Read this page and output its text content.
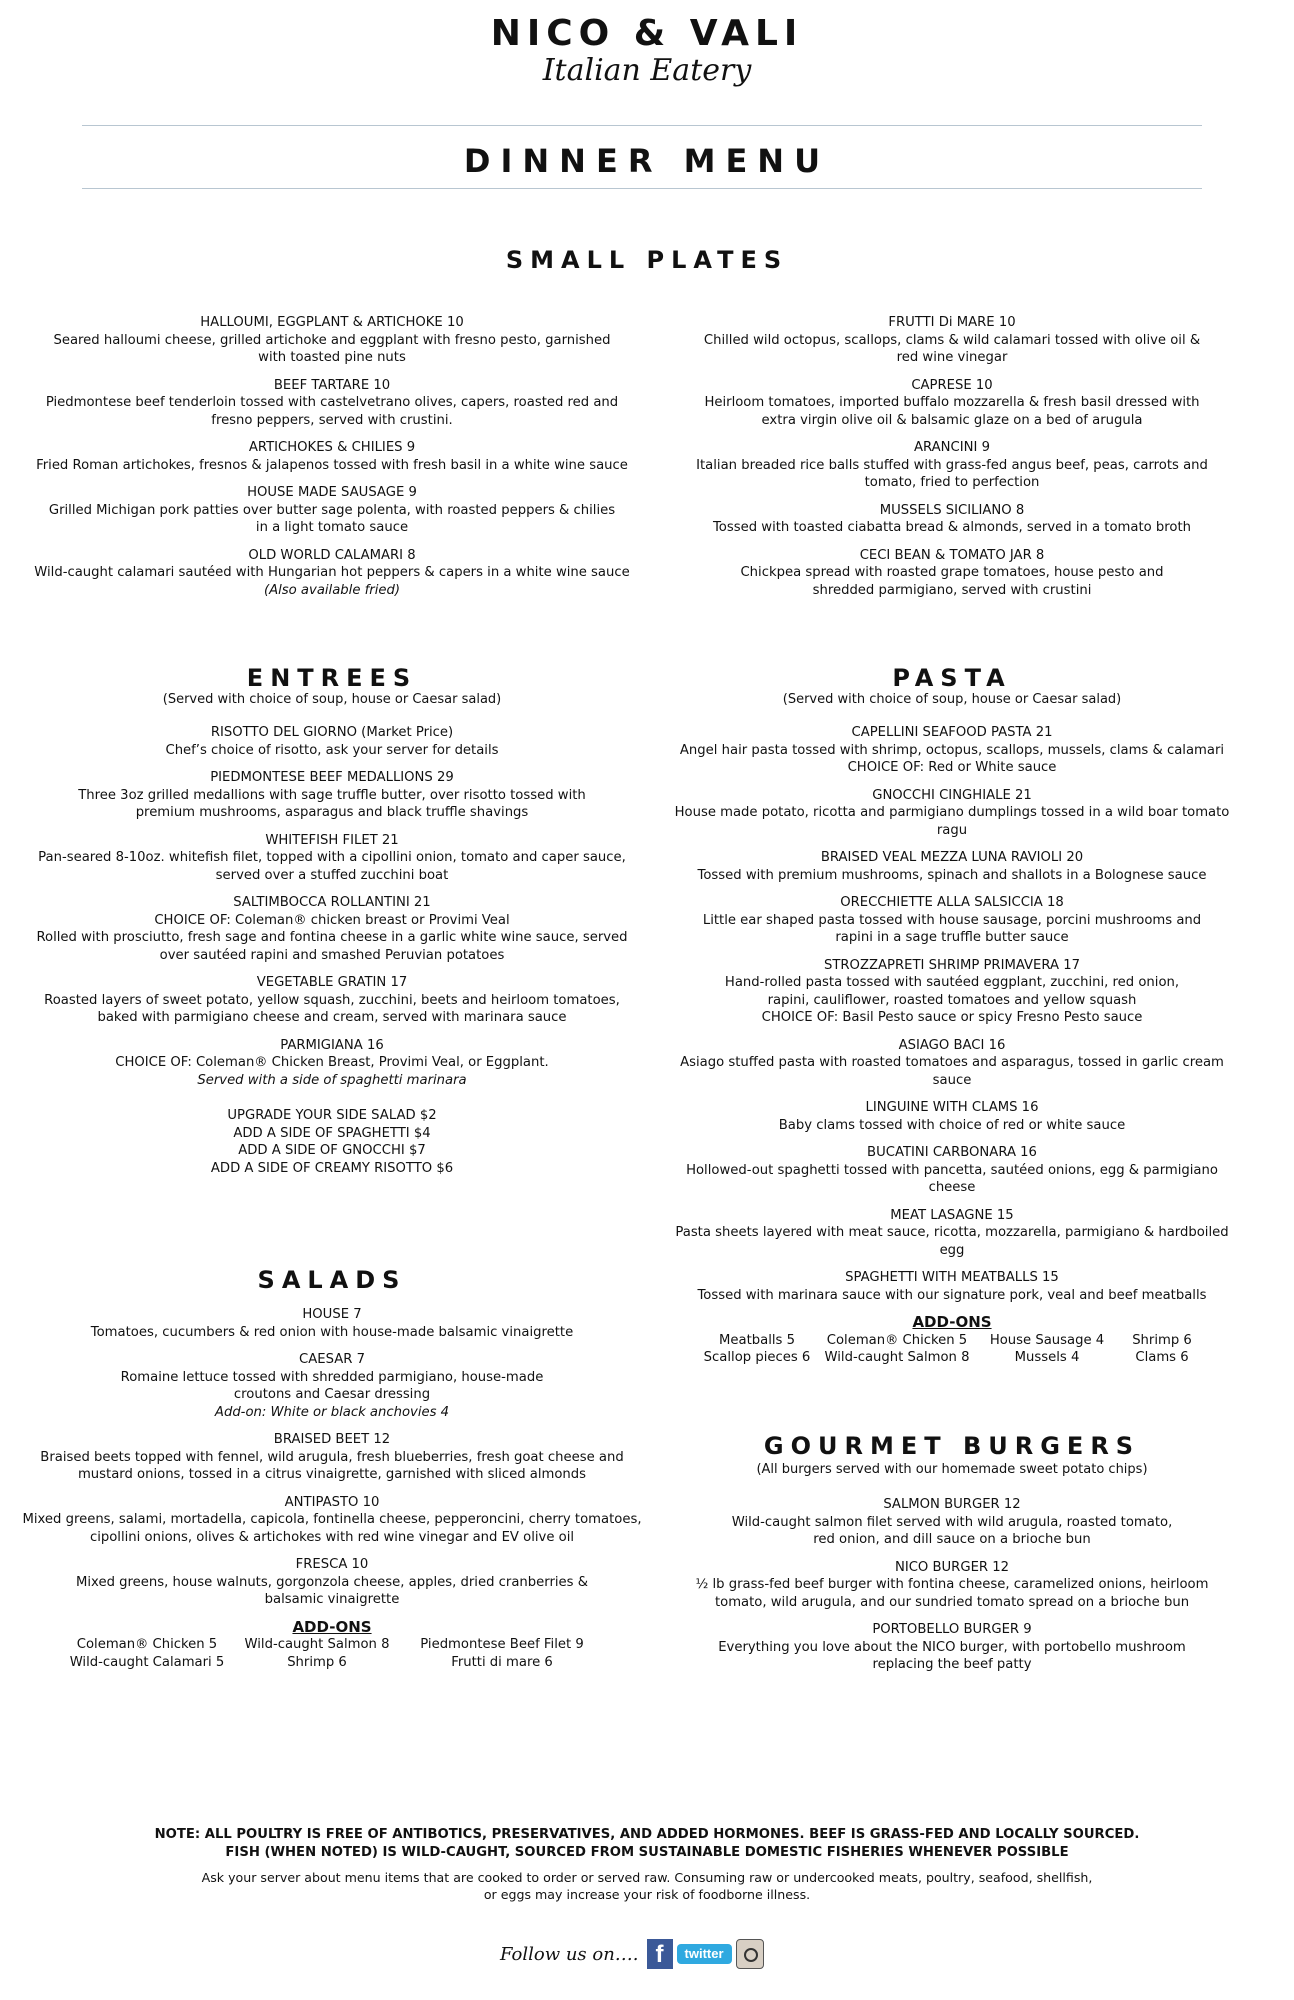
NICO & VALI
Italian Eatery
DINNER MENU
SMALL PLATES
HALLOUMI, EGGPLANT & ARTICHOKE 10
Seared halloumi cheese, grilled artichoke and eggplant with fresno pesto, garnished with toasted pine nuts
BEEF TARTARE 10
Piedmontese beef tenderloin tossed with castelvetrano olives, capers, roasted red and fresno peppers, served with crustini.
ARTICHOKES & CHILIES 9
Fried Roman artichokes, fresnos & jalapenos tossed with fresh basil in a white wine sauce
HOUSE MADE SAUSAGE 9
Grilled Michigan pork patties over butter sage polenta, with roasted peppers & chilies in a light tomato sauce
OLD WORLD CALAMARI 8
Wild-caught calamari sautéed with Hungarian hot peppers & capers in a white wine sauce
(Also available fried)
FRUTTI Di MARE 10
Chilled wild octopus, scallops, clams & wild calamari tossed with olive oil & red wine vinegar
CAPRESE 10
Heirloom tomatoes, imported buffalo mozzarella & fresh basil dressed with extra virgin olive oil & balsamic glaze on a bed of arugula
ARANCINI 9
Italian breaded rice balls stuffed with grass-fed angus beef, peas, carrots and tomato, fried to perfection
MUSSELS SICILIANO 8
Tossed with toasted ciabatta bread & almonds, served in a tomato broth
CECI BEAN & TOMATO JAR 8
Chickpea spread with roasted grape tomatoes, house pesto and shredded parmigiano, served with crustini
ENTREES
(Served with choice of soup, house or Caesar salad)
RISOTTO DEL GIORNO (Market Price)
Chef’s choice of risotto, ask your server for details
PIEDMONTESE BEEF MEDALLIONS 29
Three 3oz grilled medallions with sage truffle butter, over risotto tossed with premium mushrooms, asparagus and black truffle shavings
WHITEFISH FILET 21
Pan-seared 8-10oz. whitefish filet, topped with a cipollini onion, tomato and caper sauce, served over a stuffed zucchini boat
SALTIMBOCCA ROLLANTINI 21
CHOICE OF: Coleman® chicken breast or Provimi Veal
Rolled with prosciutto, fresh sage and fontina cheese in a garlic white wine sauce, served over sautéed rapini and smashed Peruvian potatoes
VEGETABLE GRATIN 17
Roasted layers of sweet potato, yellow squash, zucchini, beets and heirloom tomatoes, baked with parmigiano cheese and cream, served with marinara sauce
PARMIGIANA 16
CHOICE OF: Coleman® Chicken Breast, Provimi Veal, or Eggplant.
Served with a side of spaghetti marinara
UPGRADE YOUR SIDE SALAD $2
ADD A SIDE OF SPAGHETTI $4
ADD A SIDE OF GNOCCHI $7
ADD A SIDE OF CREAMY RISOTTO $6
SALADS
HOUSE 7
Tomatoes, cucumbers & red onion with house-made balsamic vinaigrette
CAESAR 7
Romaine lettuce tossed with shredded parmigiano, house-made croutons and Caesar dressing
Add-on: White or black anchovies 4
BRAISED BEET 12
Braised beets topped with fennel, wild arugula, fresh blueberries, fresh goat cheese and mustard onions, tossed in a citrus vinaigrette, garnished with sliced almonds
ANTIPASTO 10
Mixed greens, salami, mortadella, capicola, fontinella cheese, pepperoncini, cherry tomatoes, cipollini onions, olives & artichokes with red wine vinegar and EV olive oil
FRESCA 10
Mixed greens, house walnuts, gorgonzola cheese, apples, dried cranberries & balsamic vinaigrette
ADD-ONS
Coleman® Chicken 5	Wild-caught Salmon 8	Piedmontese Beef Filet 9
Wild-caught Calamari 5	Shrimp 6	Frutti di mare 6
PASTA
(Served with choice of soup, house or Caesar salad)
CAPELLINI SEAFOOD PASTA 21
Angel hair pasta tossed with shrimp, octopus, scallops, mussels, clams & calamari
CHOICE OF: Red or White sauce
GNOCCHI CINGHIALE 21
House made potato, ricotta and parmigiano dumplings tossed in a wild boar tomato ragu
BRAISED VEAL MEZZA LUNA RAVIOLI 20
Tossed with premium mushrooms, spinach and shallots in a Bolognese sauce
ORECCHIETTE ALLA SALSICCIA 18
Little ear shaped pasta tossed with house sausage, porcini mushrooms and rapini in a sage truffle butter sauce
STROZZAPRETI SHRIMP PRIMAVERA 17
Hand-rolled pasta tossed with sautéed eggplant, zucchini, red onion, rapini, cauliflower, roasted tomatoes and yellow squash
CHOICE OF: Basil Pesto sauce or spicy Fresno Pesto sauce
ASIAGO BACI 16
Asiago stuffed pasta with roasted tomatoes and asparagus, tossed in garlic cream sauce
LINGUINE WITH CLAMS 16
Baby clams tossed with choice of red or white sauce
BUCATINI CARBONARA 16
Hollowed-out spaghetti tossed with pancetta, sautéed onions, egg & parmigiano cheese
MEAT LASAGNE 15
Pasta sheets layered with meat sauce, ricotta, mozzarella, parmigiano & hardboiled egg
SPAGHETTI WITH MEATBALLS 15
Tossed with marinara sauce with our signature pork, veal and beef meatballs
ADD-ONS
Meatballs 5	Coleman® Chicken 5	House Sausage 4	Shrimp 6
Scallop pieces 6 Wild-caught Salmon 8	Mussels 4	Clams 6
GOURMET BURGERS
(All burgers served with our homemade sweet potato chips)
SALMON BURGER 12
Wild-caught salmon filet served with wild arugula, roasted tomato, red onion, and dill sauce on a brioche bun
NICO BURGER 12
½ lb grass-fed beef burger with fontina cheese, caramelized onions, heirloom tomato, wild arugula, and our sundried tomato spread on a brioche bun
PORTOBELLO BURGER 9
Everything you love about the NICO burger, with portobello mushroom replacing the beef patty
NOTE: ALL POULTRY IS FREE OF ANTIBOTICS, PRESERVATIVES, AND ADDED HORMONES. BEEF IS GRASS-FED AND LOCALLY SOURCED.
FISH (WHEN NOTED) IS WILD-CAUGHT, SOURCED FROM SUSTAINABLE DOMESTIC FISHERIES WHENEVER POSSIBLE
Ask your server about menu items that are cooked to order or served raw. Consuming raw or undercooked meats, poultry, seafood, shellfish,
or eggs may increase your risk of foodborne illness.
Follow us on…. f	twitter
